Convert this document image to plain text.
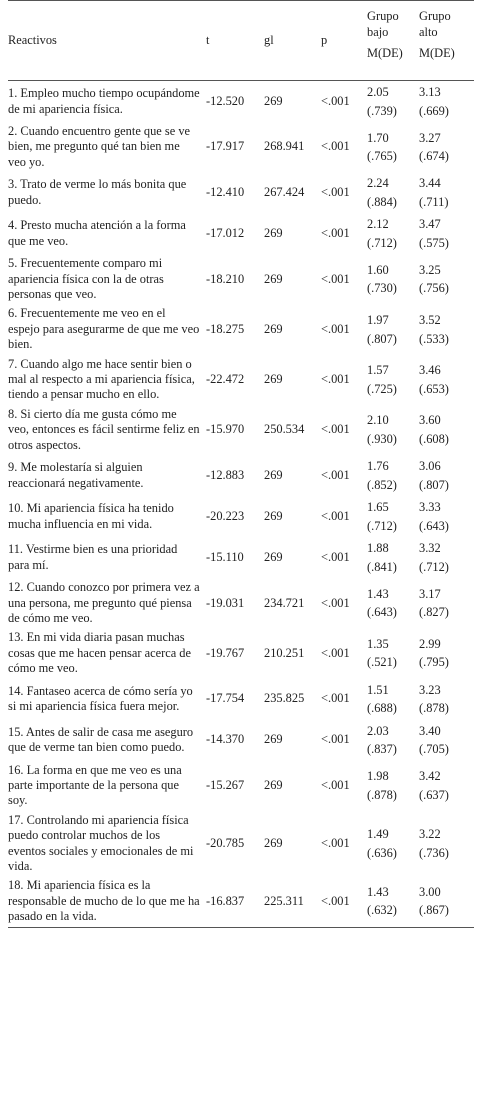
Reactivos	t	gl	p	Grupo
bajo
M(DE)	Grupo
alto
M(DE)

1. Empleo mucho tiempo ocupándome de mi apariencia física.	-12.520	269	<.001	2.05
(.739)	3.13
(.669)

2. Cuando encuentro gente que se ve bien, me pregunto qué tan bien me veo yo.	-17.917	268.941	<.001	1.70
(.765)	3.27
(.674)

3. Trato de verme lo más bonita que puedo.	-12.410	267.424	<.001	2.24
(.884)	3.44
(.711)

4. Presto mucha atención a la forma que me veo.	-17.012	269	<.001	2.12
(.712)	3.47
(.575)

5. Frecuentemente comparo mi apariencia física con la de otras personas que veo.	-18.210	269	<.001	1.60
(.730)	3.25
(.756)

6. Frecuentemente me veo en el espejo para asegurarme de que me veo bien.	-18.275	269	<.001	1.97
(.807)	3.52
(.533)

7. Cuando algo me hace sentir bien o mal al respecto a mi apariencia física, tiendo a pensar mucho en ello.	-22.472	269	<.001	1.57
(.725)	3.46
(.653)

8. Si cierto día me gusta cómo me veo, entonces es fácil sentirme feliz en otros aspectos.	-15.970	250.534	<.001	2.10
(.930)	3.60
(.608)

9. Me molestaría si alguien reaccionará negativamente.	-12.883	269	<.001	1.76
(.852)	3.06
(.807)

10. Mi apariencia física ha tenido mucha influencia en mi vida.	-20.223	269	<.001	1.65
(.712)	3.33
(.643)

11. Vestirme bien es una prioridad para mí.	-15.110	269	<.001	1.88
(.841)	3.32
(.712)

12. Cuando conozco por primera vez a una persona, me pregunto qué piensa de cómo me veo.	-19.031	234.721	<.001	1.43
(.643)	3.17
(.827)

13. En mi vida diaria pasan muchas cosas que me hacen pensar acerca de cómo me veo.	-19.767	210.251	<.001	1.35
(.521)	2.99
(.795)

14. Fantaseo acerca de cómo sería yo si mi apariencia física fuera mejor.	-17.754	235.825	<.001	1.51
(.688)	3.23
(.878)

15. Antes de salir de casa me aseguro que de verme tan bien como puedo.	-14.370	269	<.001	2.03
(.837)	3.40
(.705)

16. La forma en que me veo es una parte importante de la persona que soy.	-15.267	269	<.001	1.98
(.878)	3.42
(.637)

17. Controlando mi apariencia física puedo controlar muchos de los eventos sociales y emocionales de mi vida.	-20.785	269	<.001	1.49
(.636)	3.22
(.736)

18. Mi apariencia física es la responsable de mucho de lo que me ha pasado en la vida.	-16.837	225.311	<.001	1.43
(.632)	3.00
(.867)
